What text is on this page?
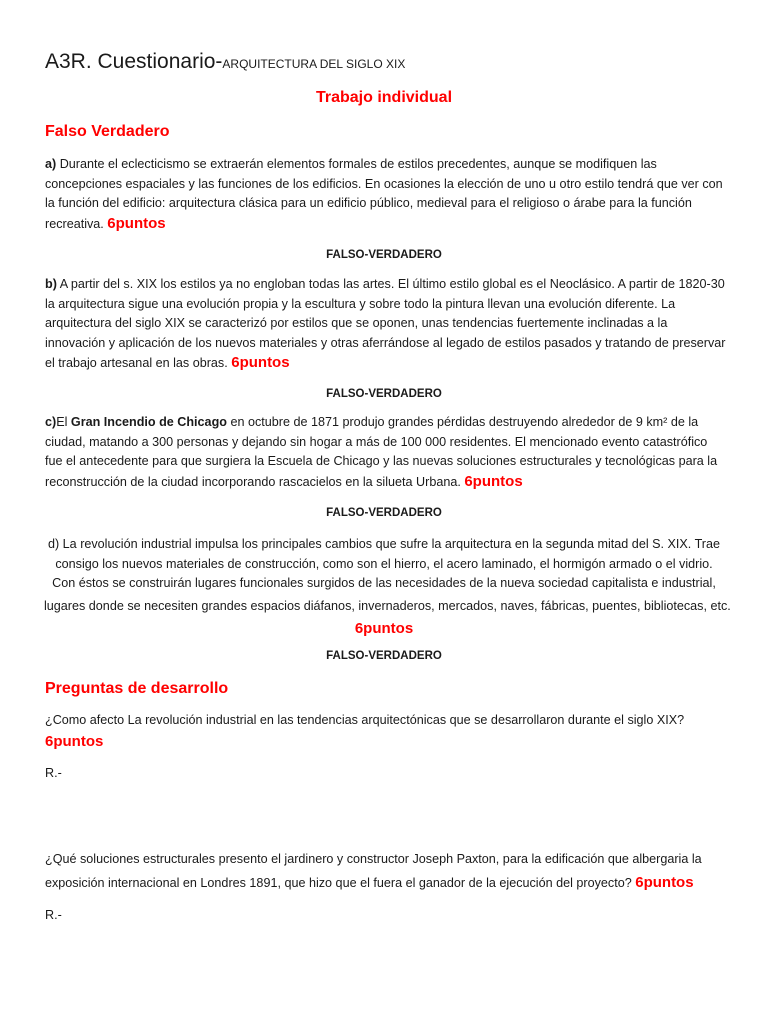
A3R. Cuestionario-ARQUITECTURA DEL SIGLO XIX
Trabajo individual
Falso Verdadero
a) Durante el eclecticismo se extraerán elementos formales de estilos precedentes, aunque se modifiquen las
concepciones espaciales y las funciones de los edificios. En ocasiones la elección de uno u otro estilo tendrá que ver con
la función del edificio: arquitectura clásica para un edificio público, medieval para el religioso o árabe para la función
recreativa. 6puntos
FALSO-VERDADERO
b) A partir del s. XIX los estilos ya no engloban todas las artes. El último estilo global es el Neoclásico. A partir de 1820-30
la arquitectura sigue una evolución propia y la escultura y sobre todo la pintura llevan una evolución diferente. La
arquitectura del siglo XIX se caracterizó por estilos que se oponen, unas tendencias fuertemente inclinadas a la
innovación y aplicación de los nuevos materiales y otras aferrándose al legado de estilos pasados y tratando de preservar
el trabajo artesanal en las obras. 6puntos
FALSO-VERDADERO
c)El Gran Incendio de Chicago en octubre de 1871 produjo grandes pérdidas destruyendo alrededor de 9 km² de la
ciudad, matando a 300 personas y dejando sin hogar a más de 100 000 residentes. El mencionado evento catastrófico
fue el antecedente para que surgiera la Escuela de Chicago y las nuevas soluciones estructurales y tecnológicas para la
reconstrucción de la ciudad incorporando rascacielos en la silueta Urbana. 6puntos
FALSO-VERDADERO
d) La revolución industrial impulsa los principales cambios que sufre la arquitectura en la segunda mitad del S. XIX. Trae
consigo los nuevos materiales de construcción, como son el hierro, el acero laminado, el hormigón armado o el vidrio.
Con éstos se construirán lugares funcionales surgidos de las necesidades de la nueva sociedad capitalista e industrial,
lugares donde se necesiten grandes espacios diáfanos, invernaderos, mercados, naves, fábricas, puentes, bibliotecas, etc.
6puntos
FALSO-VERDADERO
Preguntas de desarrollo
¿Como afecto La revolución industrial en las tendencias arquitectónicas que se desarrollaron durante el siglo XIX?
6puntos
R.-
¿Qué soluciones estructurales presento el jardinero y constructor Joseph Paxton, para la edificación que albergaria la
exposición internacional en Londres 1891, que hizo que el fuera el ganador de la ejecución del proyecto? 6puntos
R.-
